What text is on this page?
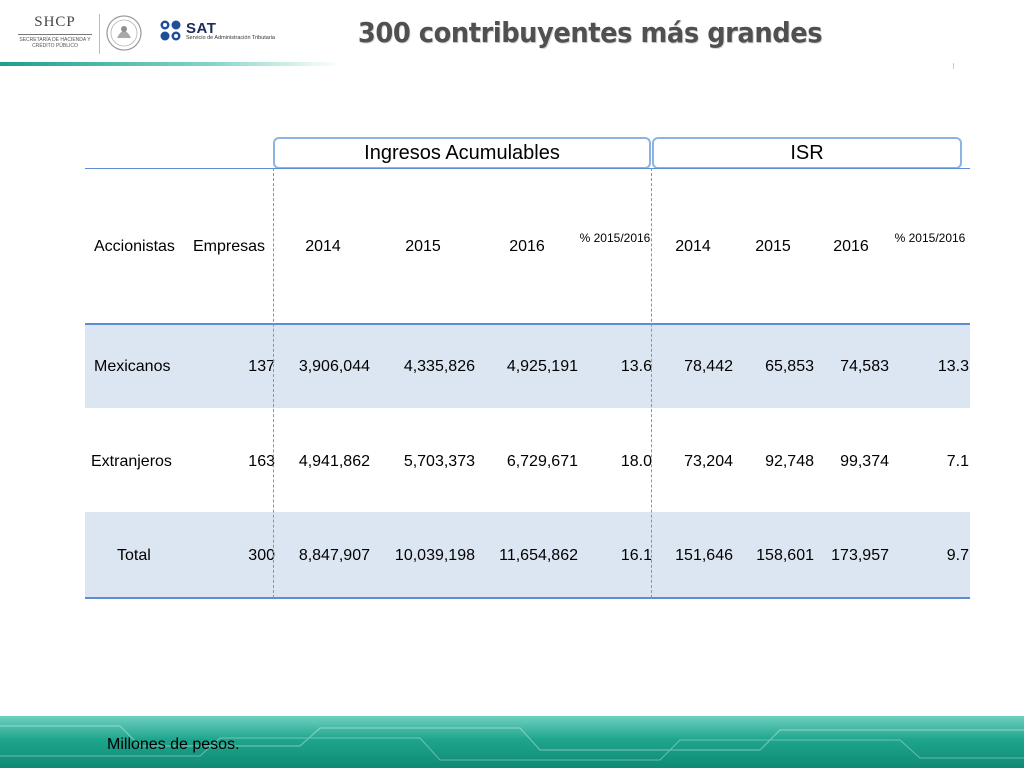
SHCP
SECRETARÍA DE HACIENDA Y CRÉDITO PÚBLICO
SAT
Servicio de Administración Tributaria	300 contribuyentes más grandes
Ingresos Acumulables	ISR
Accionistas Empresas	2014	2015	2016	% 2015/2016	2014	2015	2016	% 2015/2016
Mexicanos	137	3,906,044	4,335,826	4,925,191	13.6	78,442	65,853	74,583	13.3
Extranjeros	163	4,941,862	5,703,373	6,729,671	18.0	73,204	92,748	99,374	7.1
Total	300	8,847,907	10,039,198	11,654,862	16.1	151,646	158,601	173,957	9.7
Millones de pesos.
